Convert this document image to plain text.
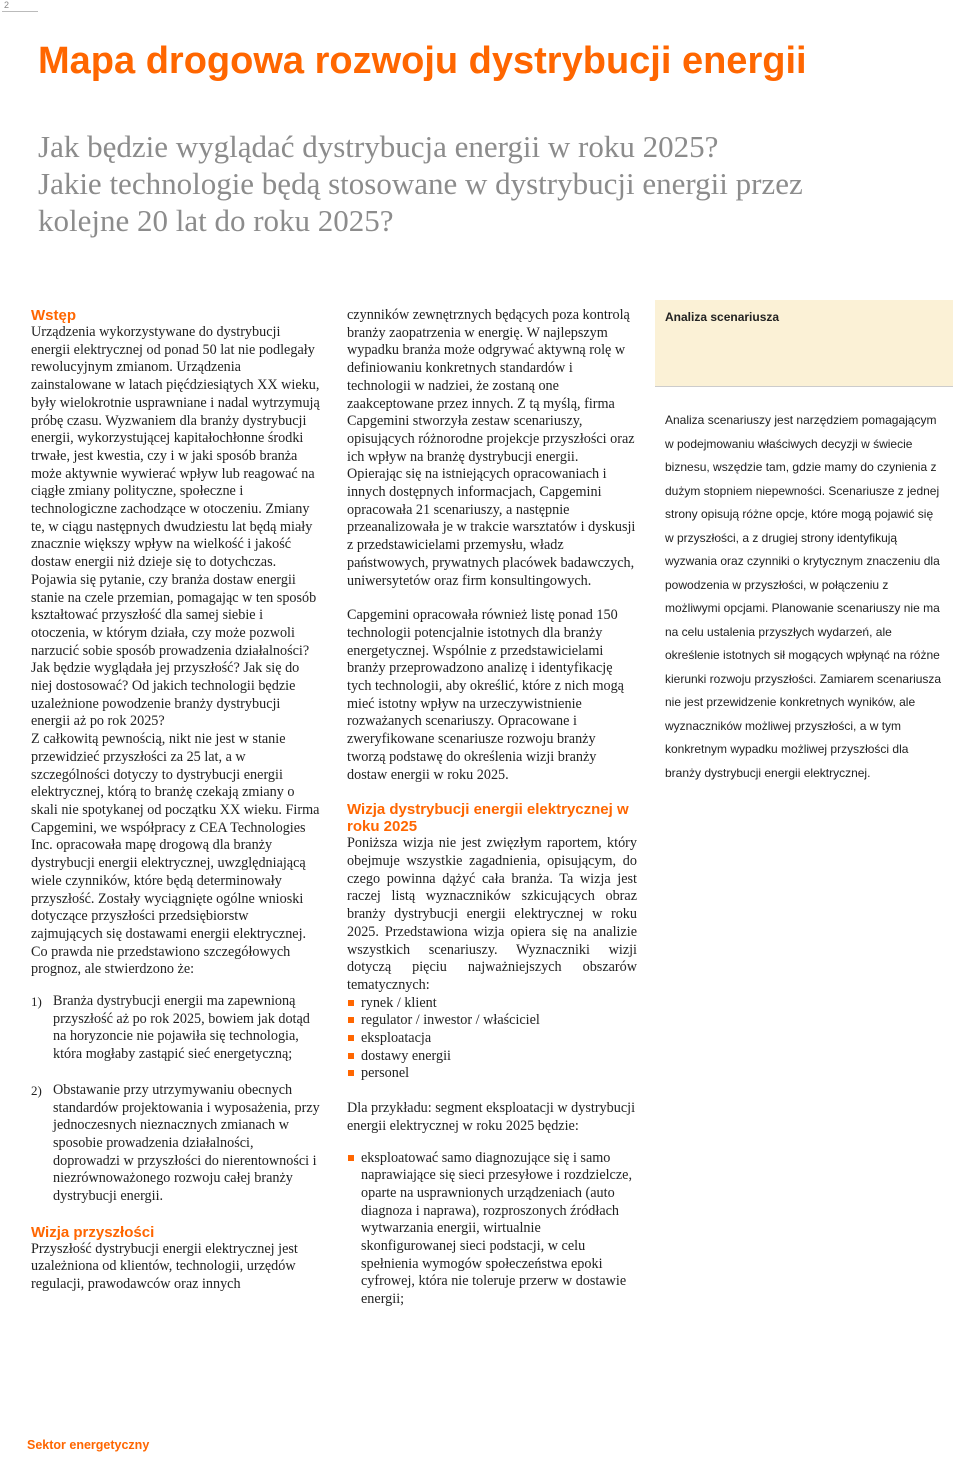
2
Mapa drogowa rozwoju dystrybucji energii
Jak będzie wyglądać dystrybucja energii w roku 2025?
Jakie technologie będą stosowane w dystrybucji energii przez
kolejne 20 lat do roku 2025?
Wstęp

Urządzenia wykorzystywane do dystrybucji energii elektrycznej od ponad 50 lat nie podlegały rewolucyjnym zmianom. Urządzenia zainstalowane w latach pięćdziesiątych XX wieku, były wielokrotnie usprawniane i nadal wytrzymują próbę czasu. Wyzwaniem dla branży dystrybucji energii, wykorzystującej kapitałochłonne środki trwałe, jest kwestia, czy i w jaki sposób branża może aktywnie wywierać wpływ lub reagować na ciągłe zmiany polityczne, społeczne i technologiczne zachodzące w otoczeniu. Zmiany te, w ciągu następnych dwudziestu lat będą miały znacznie większy wpływ na wielkość i jakość dostaw energii niż dzieje się to dotychczas. Pojawia się pytanie, czy branża dostaw energii stanie na czele przemian, pomagając w ten sposób kształtować przyszłość dla samej siebie i otoczenia, w którym działa, czy może pozwoli narzucić sobie sposób prowadzenia działalności? Jak będzie wyglądała jej przyszłość? Jak się do niej dostosować? Od jakich technologii będzie uzależnione powodzenie branży dystrybucji energii aż po rok 2025?

Z całkowitą pewnością, nikt nie jest w stanie przewidzieć przyszłości za 25 lat, a w szczególności dotyczy to dystrybucji energii elektrycznej, którą to branżę czekają zmiany o skali nie spotykanej od początku XX wieku. Firma Capgemini, we współpracy z CEA Technologies Inc. opracowała mapę drogową dla branży dystrybucji energii elektrycznej, uwzględniającą wiele czynników, które będą determinowały przyszłość. Zostały wyciągnięte ogólne wnioski dotyczące przyszłości przedsiębiorstw zajmujących się dostawami energii elektrycznej. Co prawda nie przedstawiono szczegółowych prognoz, ale stwierdzono że:

1) Branża dystrybucji energii ma zapewnioną przyszłość aż po rok 2025, bowiem jak dotąd na horyzoncie nie pojawiła się technologia, która mogłaby zastąpić sieć energetyczną;
2) Obstawanie przy utrzymywaniu obecnych standardów projektowania i wyposażenia, przy jednoczesnych nieznacznych zmianach w sposobie prowadzenia działalności, doprowadzi w przyszłości do nierentowności i niezrównoważonego rozwoju całej branży dystrybucji energii.
Wizja przyszłości

Przyszłość dystrybucji energii elektrycznej jest uzależniona od klientów, technologii, urzędów regulacji, prawodawców oraz innych

czynników zewnętrznych będących poza kontrolą branży zaopatrzenia w energię. W najlepszym wypadku branża może odgrywać aktywną rolę w definiowaniu konkretnych standardów i technologii w nadziei, że zostaną one zaakceptowane przez innych. Z tą myślą, firma Capgemini stworzyła zestaw scenariuszy, opisujących różnorodne projekcje przyszłości oraz ich wpływ na branżę dystrybucji energii. Opierając się na istniejących opracowaniach i innych dostępnych informacjach, Capgemini opracowała 21 scenariuszy, a następnie przeanalizowała je w trakcie warsztatów i dyskusji z przedstawicielami przemysłu, władz państwowych, prywatnych placówek badawczych, uniwersytetów oraz firm konsultingowych.

Capgemini opracowała również listę ponad 150 technologii potencjalnie istotnych dla branży energetycznej. Wspólnie z przedstawicielami branży przeprowadzono analizę i identyfikację tych technologii, aby określić, które z nich mogą mieć istotny wpływ na urzeczywistnienie rozważanych scenariuszy. Opracowane i zweryfikowane scenariusze rozwoju branży tworzą podstawę do określenia wizji branży dostaw energii w roku 2025.

Wizja dystrybucji energii elektrycznej w roku 2025

Poniższa wizja nie jest zwięzłym raportem, który obejmuje wszystkie zagadnienia, opisującym, do czego powinna dążyć cała branża. Ta wizja jest raczej listą wyznaczników szkicujących obraz branży dystrybucji energii elektrycznej w roku 2025. Przedstawiona wizja opiera się na analizie wszystkich scenariuszy. Wyznaczniki wizji dotyczą pięciu najważniejszych obszarów tematycznych:

rynek / klient
regulator / inwestor / właściciel
eksploatacja
dostawy energii
personel

Dla przykładu: segment eksploatacji w dystrybucji energii elektrycznej w roku 2025 będzie:

eksploatować samo diagnozujące się i samo naprawiające się sieci przesyłowe i rozdzielcze, oparte na usprawnionych urządzeniach (auto diagnoza i naprawa), rozproszonych źródłach wytwarzania energii, wirtualnie skonfigurowanej sieci podstacji, w celu spełnienia wymogów społeczeństwa epoki cyfrowej, która nie toleruje przerw w dostawie energii;
Analiza scenariusza
Analiza scenariuszy jest narzędziem pomagającym w podejmowaniu właściwych decyzji w świecie biznesu, wszędzie tam, gdzie mamy do czynienia z dużym stopniem niepewności. Scenariusze z jednej strony opisują różne opcje, które mogą pojawić się w przyszłości, a z drugiej strony identyfikują wyzwania oraz czynniki o krytycznym znaczeniu dla powodzenia w przyszłości, w połączeniu z możliwymi opcjami. Planowanie scenariuszy nie ma na celu ustalenia przyszłych wydarzeń, ale określenie istotnych sił mogących wpłynąć na różne kierunki rozwoju przyszłości. Zamiarem scenariusza nie jest przewidzenie konkretnych wyników, ale wyznaczników możliwej przyszłości, a w tym konkretnym wypadku możliwej przyszłości dla branży dystrybucji energii elektrycznej.
Sektor energetyczny
